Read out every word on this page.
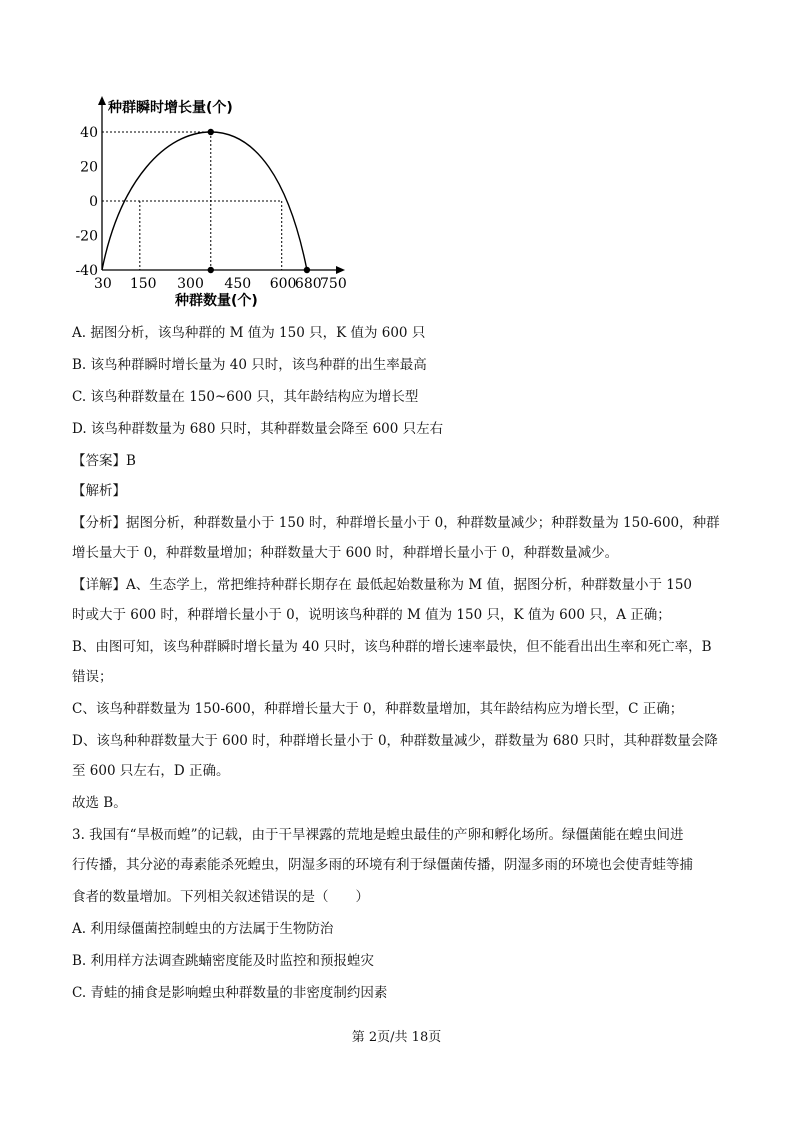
30 150 300 450 600
680
750
40
20
0
-20
-40
种群瞬时增长量(个)
种群数量(个)
A. 据图分析，该鸟种群的 M 值为 150 只，K 值为 600 只
B. 该鸟种群瞬时增长量为 40 只时，该鸟种群的出生率最高
C. 该鸟种群数量在 150~600 只，其年龄结构应为增长型
D. 该鸟种群数量为 680 只时，其种群数量会降至 600 只左右
【答案】B
【解析】
【分析】据图分析，种群数量小于 150 时，种群增长量小于 0，种群数量减少；种群数量为 150-600，种群
增长量大于 0，种群数量增加；种群数量大于 600 时，种群增长量小于 0，种群数量减少。
【详解】A、生态学上，常把维持种群长期存在 最低起始数量称为 M 值，据图分析，种群数量小于 150
时或大于 600 时，种群增长量小于 0，说明该鸟种群的 M 值为 150 只，K 值为 600 只，A 正确；
B、由图可知，该鸟种群瞬时增长量为 40 只时，该鸟种群的增长速率最快，但不能看出出生率和死亡率，B
错误；
C、该鸟种群数量为 150-600，种群增长量大于 0，种群数量增加，其年龄结构应为增长型，C 正确；
D、该鸟种种群数量大于 600 时，种群增长量小于 0，种群数量减少，群数量为 680 只时，其种群数量会降
至 600 只左右，D 正确。
故选 B。
3. 我国有“旱极而蝗”的记载，由于干旱裸露的荒地是蝗虫最佳的产卵和孵化场所。绿僵菌能在蝗虫间进
行传播，其分泌的毒素能杀死蝗虫，阴湿多雨的环境有利于绿僵菌传播，阴湿多雨的环境也会使青蛙等捕
食者的数量增加。下列相关叙述错误的是（　　）
A. 利用绿僵菌控制蝗虫的方法属于生物防治
B. 利用样方法调查跳蝻密度能及时监控和预报蝗灾
C. 青蛙的捕食是影响蝗虫种群数量的非密度制约因素
第 2页/共 18页
